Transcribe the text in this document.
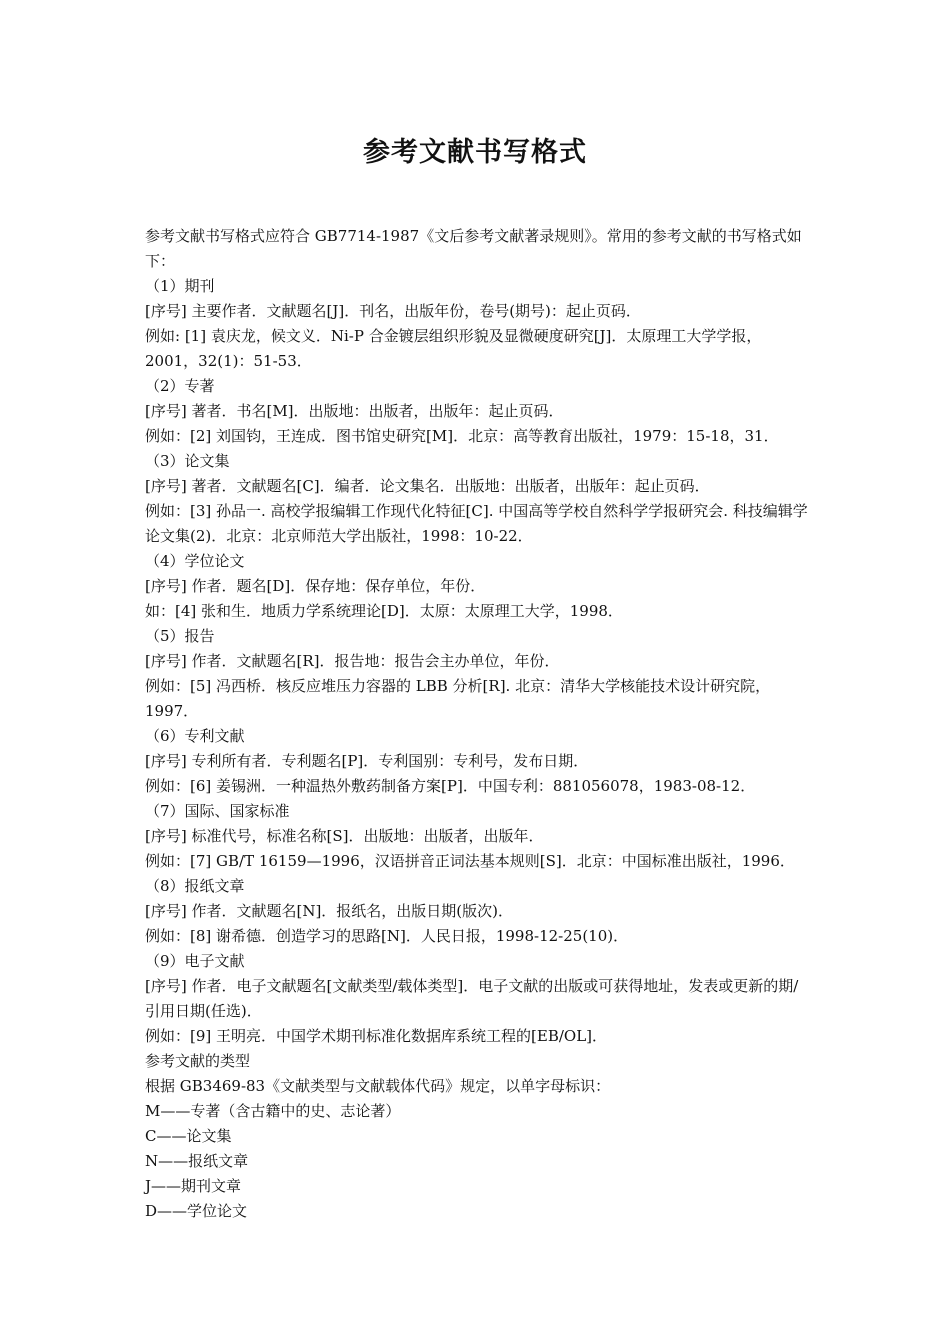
参考文献书写格式

参考文献书写格式应符合 GB7714-1987《文后参考文献著录规则》。常用的参考文献的书写格式如下：

（1）期刊

[序号] 主要作者．文献题名[J]．刊名，出版年份，卷号(期号)：起止页码．

例如: [1] 袁庆龙，候文义．Ni-P 合金镀层组织形貌及显微硬度研究[J]．太原理工大学学报，2001，32(1)：51-53．

（2）专著

[序号] 著者．书名[M]．出版地：出版者，出版年：起止页码．

例如：[2] 刘国钧，王连成．图书馆史研究[M]．北京：高等教育出版社，1979：15-18，31．

（3）论文集

[序号] 著者．文献题名[C]．编者．论文集名．出版地：出版者，出版年：起止页码．

例如：[3] 孙品一. 高校学报编辑工作现代化特征[C]. 中国高等学校自然科学学报研究会. 科技编辑学论文集(2)．北京：北京师范大学出版社，1998：10-22．

（4）学位论文

[序号] 作者．题名[D]．保存地：保存单位，年份．

如：[4] 张和生．地质力学系统理论[D]．太原：太原理工大学，1998．

（5）报告

[序号] 作者．文献题名[R]．报告地：报告会主办单位，年份．

例如：[5] 冯西桥．核反应堆压力容器的 LBB 分析[R]. 北京：清华大学核能技术设计研究院，1997．

（6）专利文献

[序号] 专利所有者．专利题名[P]．专利国别：专利号，发布日期．

例如：[6] 姜锡洲．一种温热外敷药制备方案[P]．中国专利：881056078，1983-08-12．

（7）国际、国家标准

[序号] 标准代号，标准名称[S]．出版地：出版者，出版年．

例如：[7] GB/T 16159—1996，汉语拼音正词法基本规则[S]．北京：中国标准出版社，1996．

（8）报纸文章

[序号] 作者．文献题名[N]．报纸名，出版日期(版次)．

例如：[8] 谢希德．创造学习的思路[N]．人民日报，1998-12-25(10)．

（9）电子文献

[序号] 作者．电子文献题名[文献类型/载体类型]．电子文献的出版或可获得地址，发表或更新的期/引用日期(任选)．

例如：[9] 王明亮．中国学术期刊标准化数据库系统工程的[EB/OL]．

参考文献的类型

根据 GB3469-83《文献类型与文献载体代码》规定，以单字母标识：

M——专著（含古籍中的史、志论著）

C——论文集

N——报纸文章

J——期刊文章

D——学位论文
